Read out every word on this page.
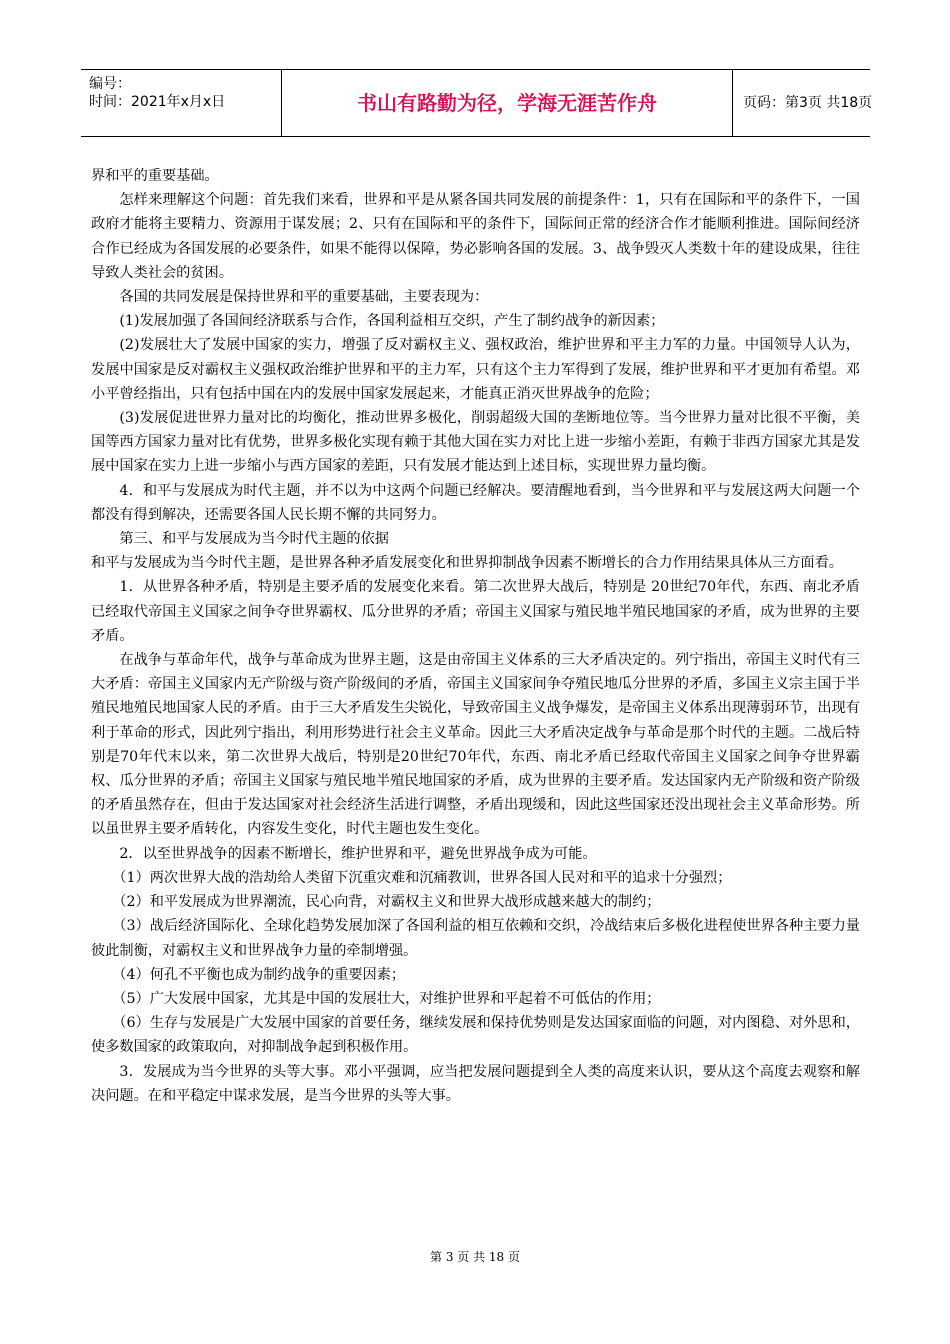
编号：
时间：2021年x月x日	书山有路勤为径，学海无涯苦作舟	页码：第3页 共18页

界和平的重要基础。

怎样来理解这个问题：首先我们来看，世界和平是从紧各国共同发展的前提条件：1，只有在国际和平的条件下，一国政府才能将主要精力、资源用于谋发展；2、只有在国际和平的条件下，国际间正常的经济合作才能顺利推进。国际间经济合作已经成为各国发展的必要条件，如果不能得以保障，势必影响各国的发展。3、战争毁灭人类数十年的建设成果，往往导致人类社会的贫困。

各国的共同发展是保持世界和平的重要基础，主要表现为：

(1)发展加强了各国间经济联系与合作，各国利益相互交织，产生了制约战争的新因素；

(2)发展壮大了发展中国家的实力，增强了反对霸权主义、强权政治，维护世界和平主力军的力量。中国领导人认为，发展中国家是反对霸权主义强权政治维护世界和平的主力军，只有这个主力军得到了发展，维护世界和平才更加有希望。邓小平曾经指出，只有包括中国在内的发展中国家发展起来，才能真正消灭世界战争的危险；

(3)发展促进世界力量对比的均衡化，推动世界多极化，削弱超级大国的垄断地位等。当今世界力量对比很不平衡，美国等西方国家力量对比有优势，世界多极化实现有赖于其他大国在实力对比上进一步缩小差距，有赖于非西方国家尤其是发展中国家在实力上进一步缩小与西方国家的差距，只有发展才能达到上述目标，实现世界力量均衡。

4．和平与发展成为时代主题，并不以为中这两个问题已经解决。要清醒地看到，当今世界和平与发展这两大问题一个都没有得到解决，还需要各国人民长期不懈的共同努力。

第三、和平与发展成为当今时代主题的依据

和平与发展成为当今时代主题，是世界各种矛盾发展变化和世界抑制战争因素不断增长的合力作用结果具体从三方面看。

1．从世界各种矛盾，特别是主要矛盾的发展变化来看。第二次世界大战后，特别是 20世纪70年代，东西、南北矛盾已经取代帝国主义国家之间争夺世界霸权、瓜分世界的矛盾；帝国主义国家与殖民地半殖民地国家的矛盾，成为世界的主要矛盾。

在战争与革命年代，战争与革命成为世界主题，这是由帝国主义体系的三大矛盾决定的。列宁指出，帝国主义时代有三大矛盾：帝国主义国家内无产阶级与资产阶级间的矛盾，帝国主义国家间争夺殖民地瓜分世界的矛盾，多国主义宗主国于半殖民地殖民地国家人民的矛盾。由于三大矛盾发生尖锐化，导致帝国主义战争爆发，是帝国主义体系出现薄弱环节，出现有利于革命的形式，因此列宁指出，利用形势进行社会主义革命。因此三大矛盾决定战争与革命是那个时代的主题。二战后特别是70年代末以来，第二次世界大战后，特别是20世纪70年代，东西、南北矛盾已经取代帝国主义国家之间争夺世界霸权、瓜分世界的矛盾；帝国主义国家与殖民地半殖民地国家的矛盾，成为世界的主要矛盾。发达国家内无产阶级和资产阶级的矛盾虽然存在，但由于发达国家对社会经济生活进行调整，矛盾出现缓和，因此这些国家还没出现社会主义革命形势。所以虽世界主要矛盾转化，内容发生变化，时代主题也发生变化。

2．以至世界战争的因素不断增长，维护世界和平，避免世界战争成为可能。

（1）两次世界大战的浩劫给人类留下沉重灾难和沉痛教训，世界各国人民对和平的追求十分强烈；

（2）和平发展成为世界潮流，民心向背，对霸权主义和世界大战形成越来越大的制约；

（3）战后经济国际化、全球化趋势发展加深了各国利益的相互依赖和交织，冷战结束后多极化进程使世界各种主要力量彼此制衡，对霸权主义和世界战争力量的牵制增强。

（4）何孔不平衡也成为制约战争的重要因素；

（5）广大发展中国家，尤其是中国的发展壮大，对维护世界和平起着不可低估的作用；

（6）生存与发展是广大发展中国家的首要任务，继续发展和保持优势则是发达国家面临的问题，对内图稳、对外思和，使多数国家的政策取向，对抑制战争起到积极作用。

3．发展成为当今世界的头等大事。邓小平强调，应当把发展问题提到全人类的高度来认识，要从这个高度去观察和解决问题。在和平稳定中谋求发展，是当今世界的头等大事。

第 3 页 共 18 页
